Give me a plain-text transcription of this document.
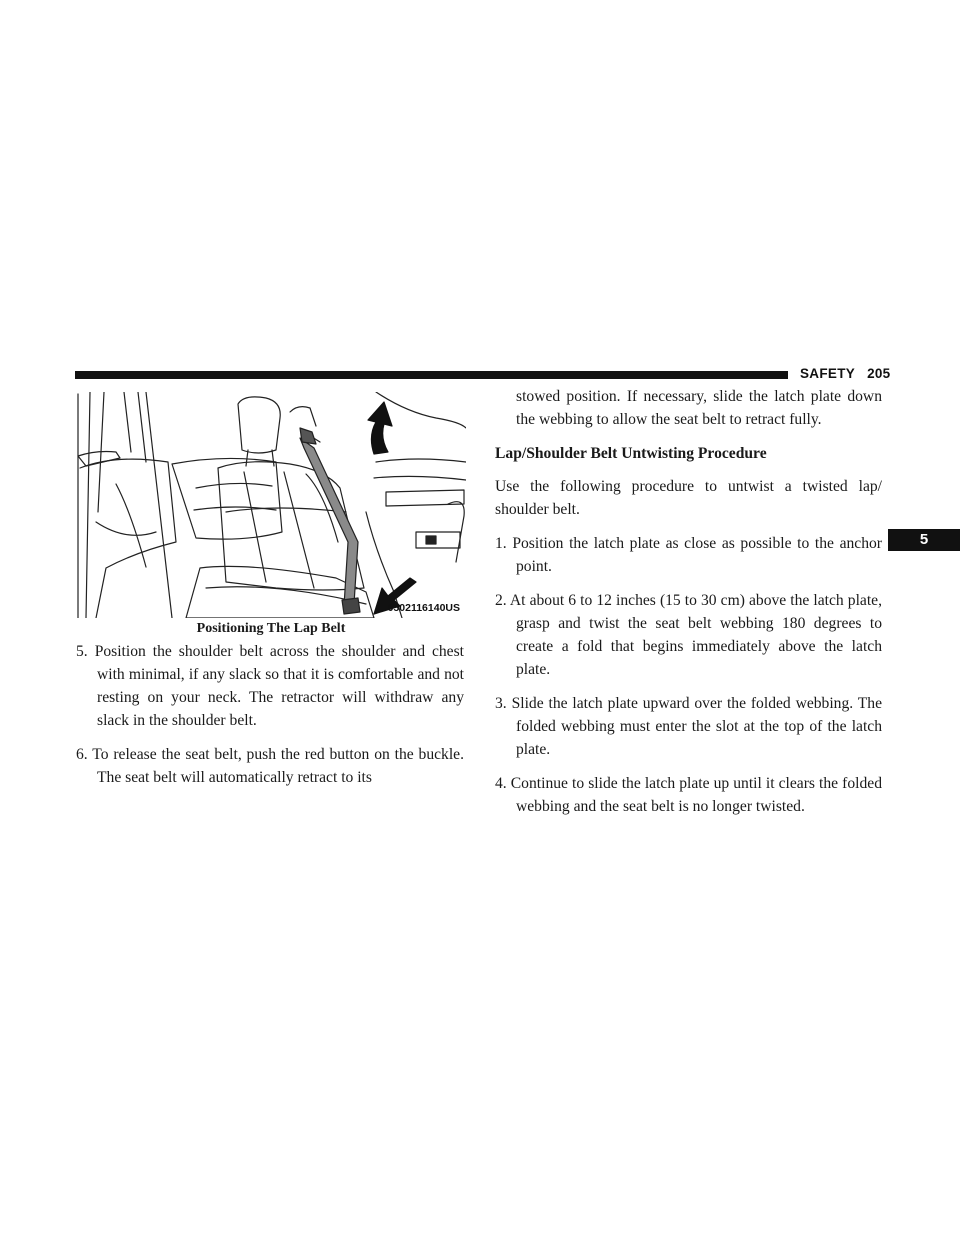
SAFETY 205
5
0502116140US
Positioning The Lap Belt

5. Position the shoulder belt across the shoulder and chest with minimal, if any slack so that it is comfortable and not resting on your neck. The retractor will withdraw any slack in the shoulder belt.

6. To release the seat belt, push the red button on the buckle. The seat belt will automatically retract to its

stowed position. If necessary, slide the latch plate down the webbing to allow the seat belt to retract fully.

Lap/Shoulder Belt Untwisting Procedure

Use the following procedure to untwist a twisted lap/ shoulder belt.

1. Position the latch plate as close as possible to the anchor point.

2. At about 6 to 12 inches (15 to 30 cm) above the latch plate, grasp and twist the seat belt webbing 180 degrees to create a fold that begins immediately above the latch plate.

3. Slide the latch plate upward over the folded webbing. The folded webbing must enter the slot at the top of the latch plate.

4. Continue to slide the latch plate up until it clears the folded webbing and the seat belt is no longer twisted.
